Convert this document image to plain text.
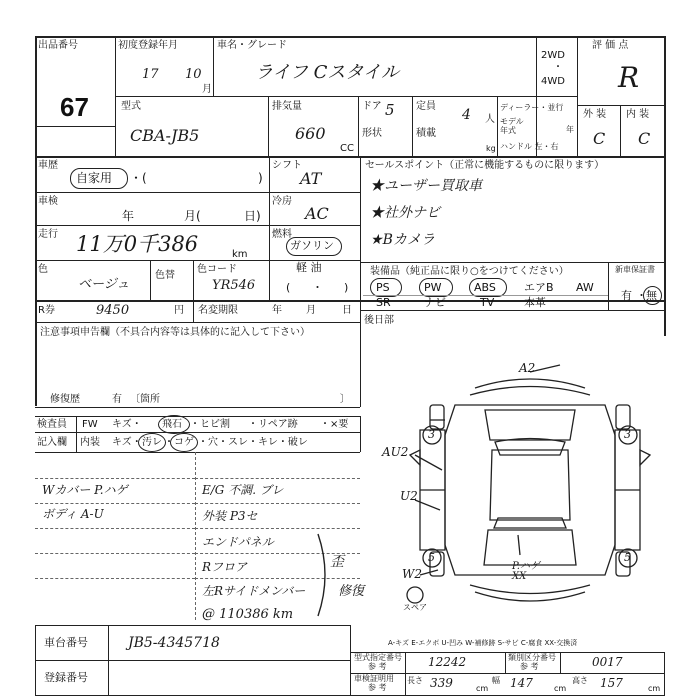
出品番号
67
初度登録年月
17 10
月
車名・グレード
ライフ Cスタイル
2WD
・
4WD
評 価 点
R
型式
CBA-JB5
排気量
660
CC
ドア 5
形状
定員
4 人
積載
kg
ディーラー・並行
モデル年式	年
ハンドル 左・右
外 装 内 装
C C
車歴
自家用 ・(	)
シフト
AT
車検
年	月(	日)
冷房
AC
走行 11万0千386	km
燃料
ガソリン
軽 油
( ・ )
色
ベージュ
色替
色コード
YR546
セールスポイント（正常に機能するものに限ります）
★ユーザー買取車
★社外ナビ
★Bカメラ
装備品（純正品に限り○をつけてください）
PS	PW	ABS	エアB AW
SR	ナビ	TV	本革
新車保証書
有 ・ 無
R券	9450	円 名変期限	年 月	日
後日部
注意事項申告欄（不具合内容等は具体的に記入して下さい）
修復歴	有 〔箇所	〕
検査員 FW キズ・ 飛石 ・ヒビ割 ・リペア跡 ・×要
記入欄 内装 キズ・ 汚レ ・ コゲ ・穴・スレ・キレ・破レ
Wカバー P.ハゲ
ボディ A-U
E/G 不調. ブレ
外装 P3セ
エンドパネル
Rフロア
左Rサイドメンバー
@ 110386 km
歪
修復
A2
AU2
U2
W2
3	3
5	5
P.ハゲ XX
スペア
車台番号	JB5-4345718
登録番号
A-キズ E-エクボ U-凹み W-補修跡 S-サビ C-腐食 XX-交換済
型式指定番号
参 考	12242	類別区分番号
参 考	0017
車検証明用
参 考
長さ 339	cm
幅 147	cm
高さ 157	cm
